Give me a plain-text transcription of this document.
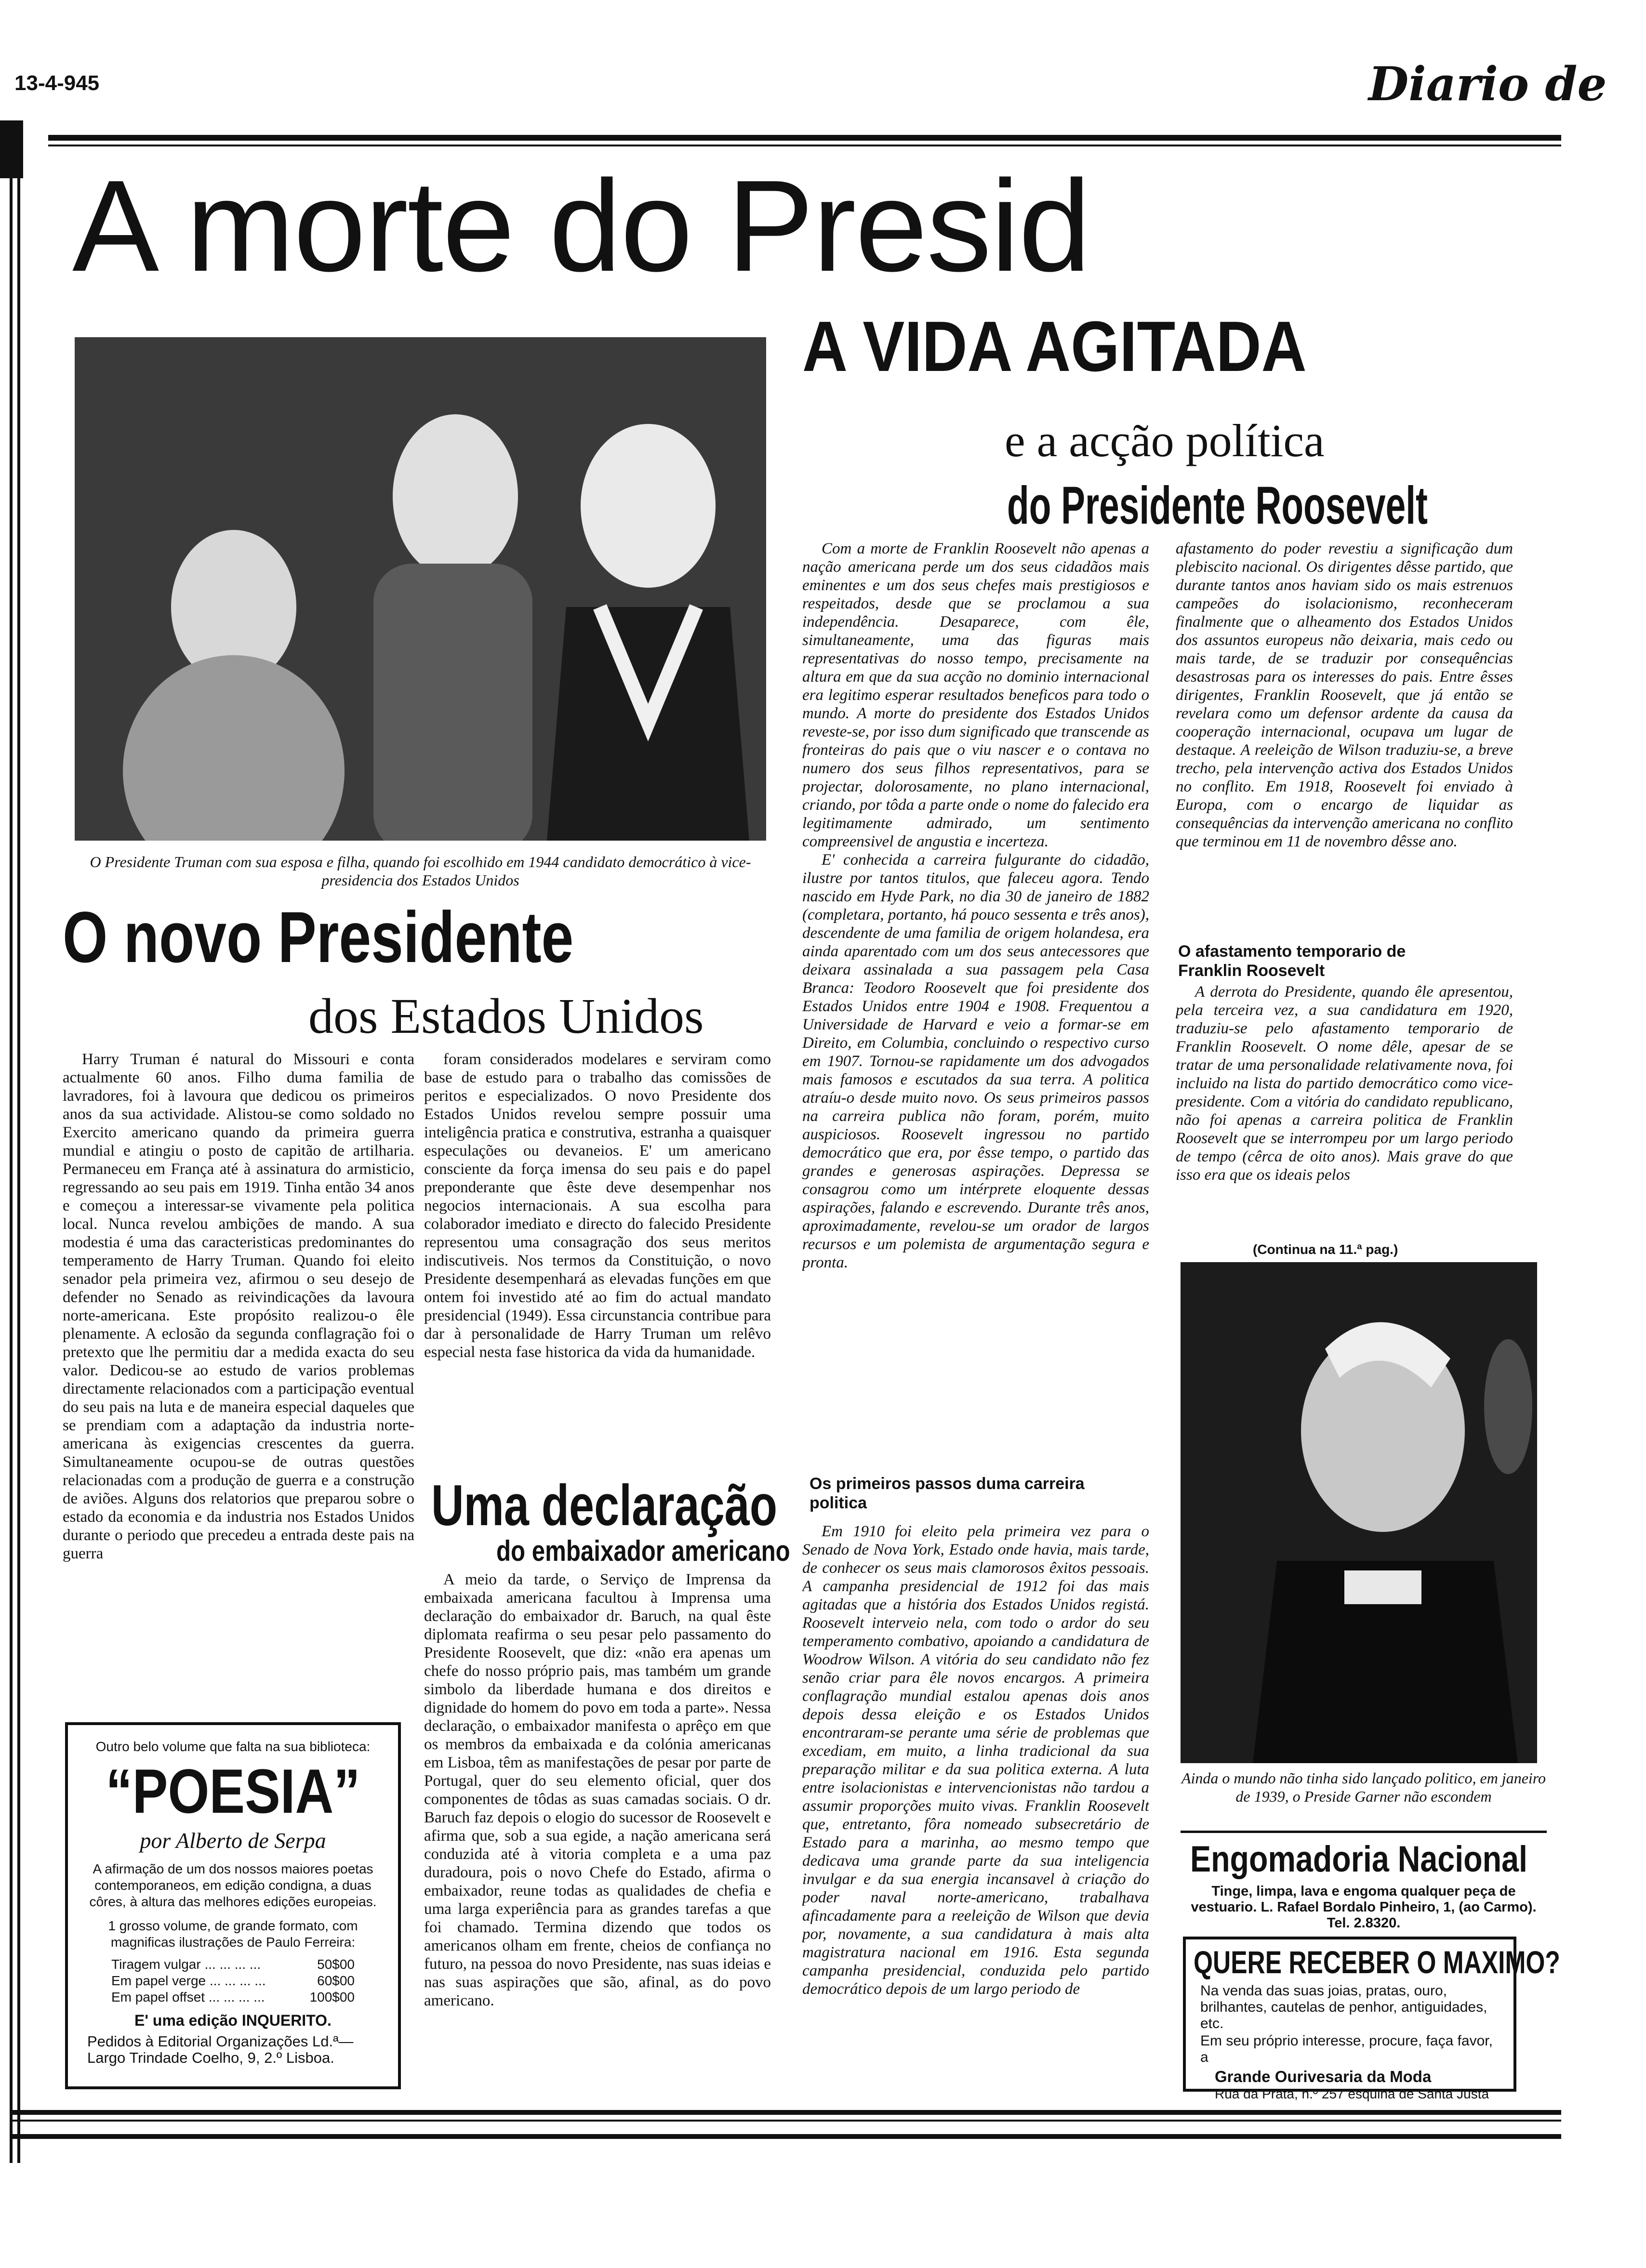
13-4-945	Diario de
A morte do Presid
O Presidente Truman com sua esposa e filha, quando foi escolhido em 1944 candidato democrático à vice-presidencia dos Estados Unidos
O novo Presidente
dos Estados Unidos

Harry Truman é natural do Missouri e conta actualmente 60 anos. Filho duma familia de lavradores, foi à lavoura que dedicou os primeiros anos da sua actividade. Alistou-se como soldado no Exercito americano quando da primeira guerra mundial e atingiu o posto de capitão de artilharia. Permaneceu em França até à assinatura do armisticio, regressando ao seu pais em 1919. Tinha então 34 anos e começou a interessar-se vivamente pela politica local. Nunca revelou ambições de mando. A sua modestia é uma das caracteristicas predominantes do temperamento de Harry Truman. Quando foi eleito senador pela primeira vez, afirmou o seu desejo de defender no Senado as reivindicações da lavoura norte-americana. Este propósito realizou-o êle plenamente. A eclosão da segunda conflagração foi o pretexto que lhe permitiu dar a medida exacta do seu valor. Dedicou-se ao estudo de varios problemas directamente relacionados com a participação eventual do seu pais na luta e de maneira especial daqueles que se prendiam com a adaptação da industria norte-americana às exigencias crescentes da guerra. Simultaneamente ocupou-se de outras questões relacionadas com a produção de guerra e a construção de aviões. Alguns dos relatorios que preparou sobre o estado da economia e da industria nos Estados Unidos durante o periodo que precedeu a entrada deste pais na guerra

foram considerados modelares e serviram como base de estudo para o trabalho das comissões de peritos e especializados. O novo Presidente dos Estados Unidos revelou sempre possuir uma inteligência pratica e construtiva, estranha a quaisquer especulações ou devaneios. E' um americano consciente da força imensa do seu pais e do papel preponderante que êste deve desempenhar nos negocios internacionais. A sua escolha para colaborador imediato e directo do falecido Presidente representou uma consagração dos seus meritos indiscutiveis. Nos termos da Constituição, o novo Presidente desempenhará as elevadas funções em que ontem foi investido até ao fim do actual mandato presidencial (1949). Essa circunstancia contribue para dar à personalidade de Harry Truman um relêvo especial nesta fase historica da vida da humanidade.

Uma declaração
do embaixador americano

A meio da tarde, o Serviço de Imprensa da embaixada americana facultou à Imprensa uma declaração do embaixador dr. Baruch, na qual êste diplomata reafirma o seu pesar pelo passamento do Presidente Roosevelt, que diz: «não era apenas um chefe do nosso próprio pais, mas também um grande simbolo da liberdade humana e dos direitos e dignidade do homem do povo em toda a parte». Nessa declaração, o embaixador manifesta o aprêço em que os membros da embaixada e da colónia americanas em Lisboa, têm as manifestações de pesar por parte de Portugal, quer do seu elemento oficial, quer dos componentes de tôdas as suas camadas sociais. O dr. Baruch faz depois o elogio do sucessor de Roosevelt e afirma que, sob a sua egide, a nação americana será conduzida até à vitoria completa e a uma paz duradoura, pois o novo Chefe do Estado, afirma o embaixador, reune todas as qualidades de chefia e uma larga experiência para as grandes tarefas a que foi chamado. Termina dizendo que todos os americanos olham em frente, cheios de confiança no futuro, na pessoa do novo Presidente, nas suas ideias e nas suas aspirações que são, afinal, as do povo americano.

Outro belo volume que falta na sua biblioteca:
“POESIA”
por Alberto de Serpa
A afirmação de um dos nossos maiores poetas contemporaneos, em edição condigna, a duas côres, à altura das melhores edições europeias.
1 grosso volume, de grande formato, com magnificas ilustrações de Paulo Ferreira:
Tiragem vulgar ... ... ... ...	50$00
Em papel verge ... ... ... ...	60$00
Em papel offset ... ... ... ...	100$00
E' uma edição INQUERITO.
Pedidos à Editorial Organizações Ld.ª—Largo Trindade Coelho, 9, 2.º Lisboa.
A VIDA AGITADA
e a acção política
do Presidente Roosevelt

Com a morte de Franklin Roosevelt não apenas a nação americana perde um dos seus cidadãos mais eminentes e um dos seus chefes mais prestigiosos e respeitados, desde que se proclamou a sua independência. Desaparece, com êle, simultaneamente, uma das figuras mais representativas do nosso tempo, precisamente na altura em que da sua acção no dominio internacional era legitimo esperar resultados beneficos para todo o mundo. A morte do presidente dos Estados Unidos reveste-se, por isso dum significado que transcende as fronteiras do pais que o viu nascer e o contava no numero dos seus filhos representativos, para se projectar, dolorosamente, no plano internacional, criando, por tôda a parte onde o nome do falecido era legitimamente admirado, um sentimento compreensivel de angustia e incerteza.

E' conhecida a carreira fulgurante do cidadão, ilustre por tantos titulos, que faleceu agora. Tendo nascido em Hyde Park, no dia 30 de janeiro de 1882 (completara, portanto, há pouco sessenta e três anos), descendente de uma familia de origem holandesa, era ainda aparentado com um dos seus antecessores que deixara assinalada a sua passagem pela Casa Branca: Teodoro Roosevelt que foi presidente dos Estados Unidos entre 1904 e 1908. Frequentou a Universidade de Harvard e veio a formar-se em Direito, em Columbia, concluindo o respectivo curso em 1907. Tornou-se rapidamente um dos advogados mais famosos e escutados da sua terra. A politica atraíu-o desde muito novo. Os seus primeiros passos na carreira publica não foram, porém, muito auspiciosos. Roosevelt ingressou no partido democrático que era, por êsse tempo, o partido das grandes e generosas aspirações. Depressa se consagrou como um intérprete eloquente dessas aspirações, falando e escrevendo. Durante três anos, aproximadamente, revelou-se um orador de largos recursos e um polemista de argumentação segura e pronta.

Os primeiros passos duma carreira politica

Em 1910 foi eleito pela primeira vez para o Senado de Nova York, Estado onde havia, mais tarde, de conhecer os seus mais clamorosos êxitos pessoais. A campanha presidencial de 1912 foi das mais agitadas que a história dos Estados Unidos registá. Roosevelt interveio nela, com todo o ardor do seu temperamento combativo, apoiando a candidatura de Woodrow Wilson. A vitória do seu candidato não fez senão criar para êle novos encargos. A primeira conflagração mundial estalou apenas dois anos depois dessa eleição e os Estados Unidos encontraram-se perante uma série de problemas que excediam, em muito, a linha tradicional da sua preparação militar e da sua politica externa. A luta entre isolacionistas e intervencionistas não tardou a assumir proporções muito vivas. Franklin Roosevelt que, entretanto, fôra nomeado subsecretário de Estado para a marinha, ao mesmo tempo que dedicava uma grande parte da sua inteligencia invulgar e da sua energia incansavel à criação do poder naval norte-americano, trabalhava afincadamente para a reeleição de Wilson que devia por, novamente, a sua candidatura à mais alta magistratura nacional em 1916. Esta segunda campanha presidencial, conduzida pelo partido democrático depois de um largo periodo de

afastamento do poder revestiu a significação dum plebiscito nacional. Os dirigentes dêsse partido, que durante tantos anos haviam sido os mais estrenuos campeões do isolacionismo, reconheceram finalmente que o alheamento dos Estados Unidos dos assuntos europeus não deixaria, mais cedo ou mais tarde, de se traduzir por consequências desastrosas para os interesses do pais. Entre êsses dirigentes, Franklin Roosevelt, que já então se revelara como um defensor ardente da causa da cooperação internacional, ocupava um lugar de destaque. A reeleição de Wilson traduziu-se, a breve trecho, pela intervenção activa dos Estados Unidos no conflito. Em 1918, Roosevelt foi enviado à Europa, com o encargo de liquidar as consequências da intervenção americana no conflito que terminou em 11 de novembro dêsse ano.

O afastamento temporario de Franklin Roosevelt

A derrota do Presidente, quando êle apresentou, pela terceira vez, a sua candidatura em 1920, traduziu-se pelo afastamento temporario de Franklin Roosevelt. O nome dêle, apesar de se tratar de uma personalidade relativamente nova, foi incluido na lista do partido democrático como vice-presidente. Com a vitória do candidato republicano, não foi apenas a carreira politica de Franklin Roosevelt que se interrompeu por um largo periodo de tempo (cêrca de oito anos). Mais grave do que isso era que os ideais pelos

(Continua na 11.ª pag.)
Ainda o mundo não tinha sido lançado politico, em janeiro de 1939, o Preside Garner não escondem
Engomadoria Nacional
Tinge, limpa, lava e engoma qualquer peça de vestuario. L. Rafael Bordalo Pinheiro, 1, (ao Carmo). Tel. 2.8320.
QUERE RECEBER O MAXIMO?
Na venda das suas joias, pratas, ouro, brilhantes, cautelas de penhor, antiguidades, etc.
Em seu próprio interesse, procure, faça favor, a
Grande Ourivesaria da Moda
Rua da Prata, n.º 257 esquina de Santa Justa
